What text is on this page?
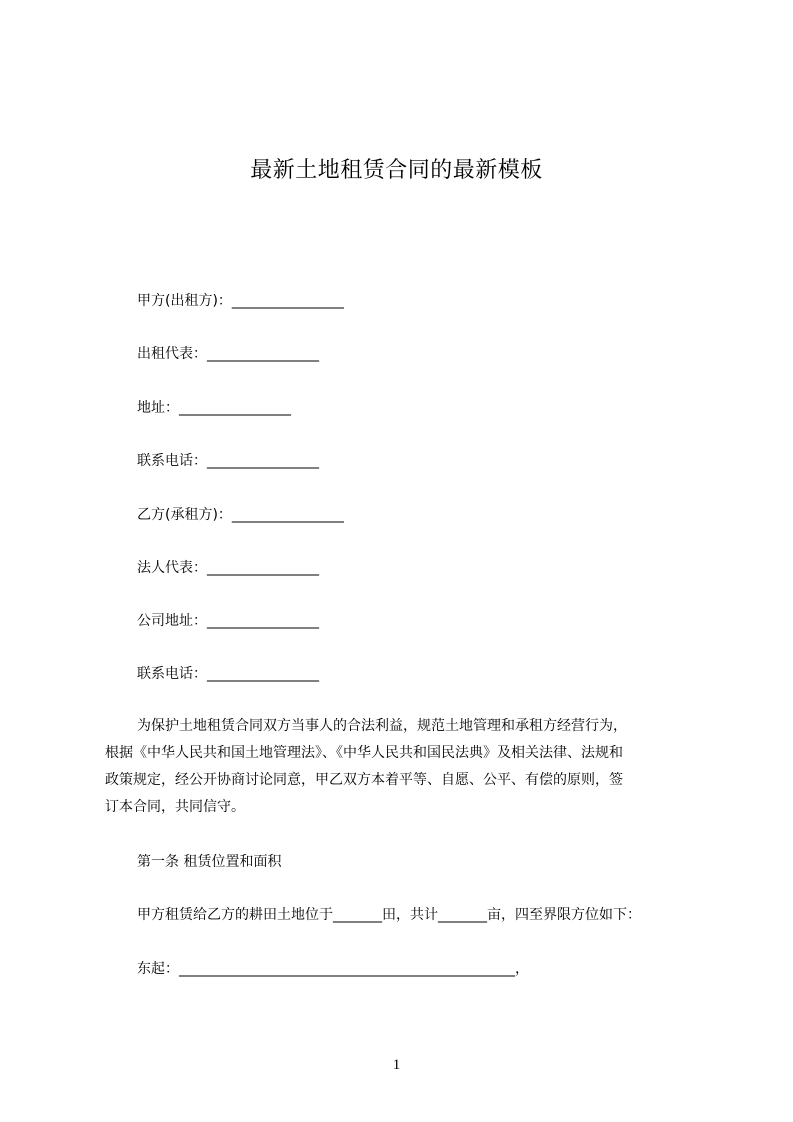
最新土地租赁合同的最新模板
甲方(出租方)：________________
出租代表：________________
地址：________________
联系电话：________________
乙方(承租方)：________________
法人代表：________________
公司地址：________________
联系电话：________________
为保护土地租赁合同双方当事人的合法利益，规范土地管理和承租方经营行为，
根据《中华人民共和国土地管理法》、《中华人民共和国民法典》及相关法律、法规和
政策规定，经公开协商讨论同意，甲乙双方本着平等、自愿、公平、有偿的原则，签
订本合同，共同信守。
第一条 租赁位置和面积
甲方租赁给乙方的耕田土地位于_______田，共计_______亩，四至界限方位如下：
东起：________________________________________________，
1
